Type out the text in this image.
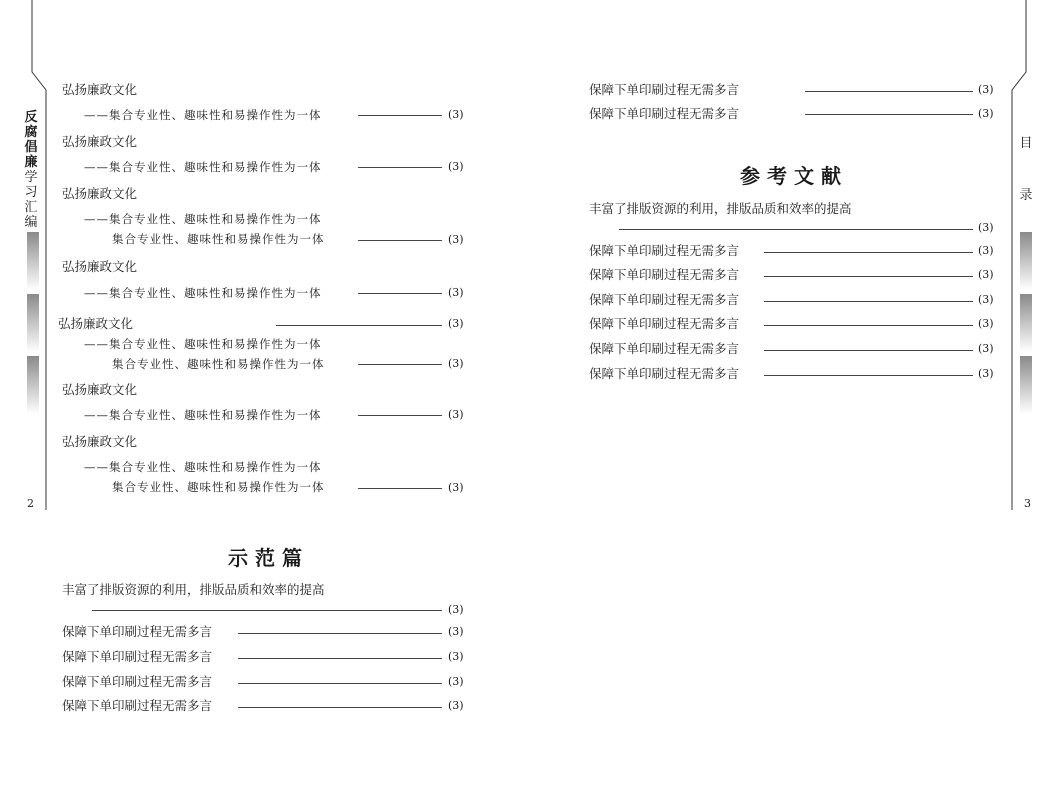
反腐倡廉学习汇编
2
目
录
3
弘扬廉政文化
——集合专业性、趣味性和易操作性为一体	(3)
弘扬廉政文化
——集合专业性、趣味性和易操作性为一体	(3)
弘扬廉政文化
——集合专业性、趣味性和易操作性为一体
集合专业性、趣味性和易操作性为一体	(3)
弘扬廉政文化
——集合专业性、趣味性和易操作性为一体	(3)
弘扬廉政文化	(3)
——集合专业性、趣味性和易操作性为一体
集合专业性、趣味性和易操作性为一体	(3)
弘扬廉政文化
——集合专业性、趣味性和易操作性为一体	(3)
弘扬廉政文化
——集合专业性、趣味性和易操作性为一体
集合专业性、趣味性和易操作性为一体	(3)
示范篇
丰富了排版资源的利用，排版品质和效率的提高
(3)
保障下单印刷过程无需多言	(3)
保障下单印刷过程无需多言	(3)
保障下单印刷过程无需多言	(3)
保障下单印刷过程无需多言	(3)
保障下单印刷过程无需多言	(3)
保障下单印刷过程无需多言	(3)
参考文献
丰富了排版资源的利用，排版品质和效率的提高
(3)
保障下单印刷过程无需多言	(3)
保障下单印刷过程无需多言	(3)
保障下单印刷过程无需多言	(3)
保障下单印刷过程无需多言	(3)
保障下单印刷过程无需多言	(3)
保障下单印刷过程无需多言	(3)
